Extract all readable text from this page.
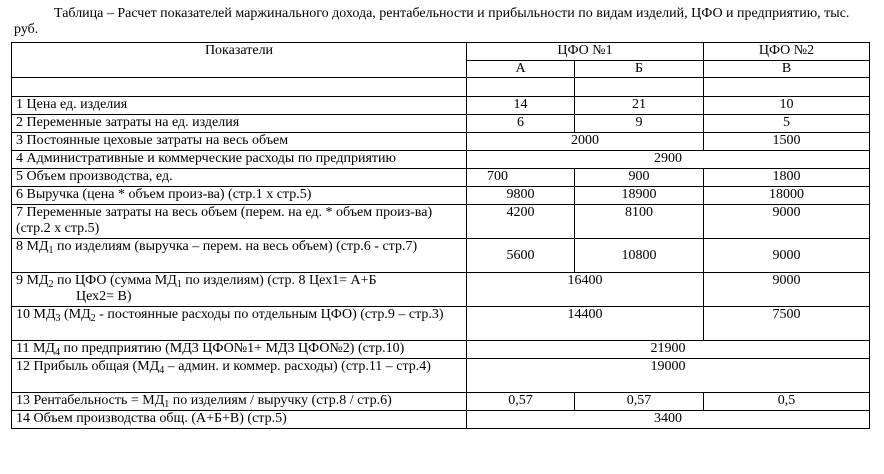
Таблица – Расчет показателей маржинального дохода, рентабельности и прибыльности по видам изделий, ЦФО и предприятию, тыс. руб.
Показатели	ЦФО №1		ЦФО №2
	А	Б	В

1 Цена ед. изделия	14	21	10
2 Переменные затраты на ед. изделия	6	9	5
3 Постоянные цеховые затраты на весь объем	2000		1500
4 Административные и коммерческие расходы по предприятию	2900		
5 Объем производства, ед.	700	900	1800
6 Выручка (цена * объем произ-ва) (стр.1 х стр.5)	9800	18900	18000
7 Переменные затраты на весь объем (перем. на ед. * объем произ-ва) (стр.2 х стр.5)	4200	8100	9000
8 $МД_1$ по изделиям (выручка – перем. на весь объем) (стр.6 - стр.7)	5600	10800	9000
9 $МД_2$ по ЦФО (сумма $МД_1$ по изделиям) (стр. 8 Цех1= А+Б
Цех2= В)	16400		9000
10 $МД_3$ ($МД_2$ - постоянные расходы по отдельным ЦФО) (стр.9 – стр.3)	14400		7500
11 $МД_4$ по предприятию (МД3 ЦФО№1+ МД3 ЦФО№2) (стр.10)	21900		
12 Прибыль общая ($МД_4$ – админ. и коммер. расходы) (стр.11 – стр.4)	19000		
13 Рентабельность = $МД_1$ по изделиям / выручку (стр.8 / стр.6)	0,57	0,57	0,5
14 Объем производства общ. (А+Б+В) (стр.5)	3400		
